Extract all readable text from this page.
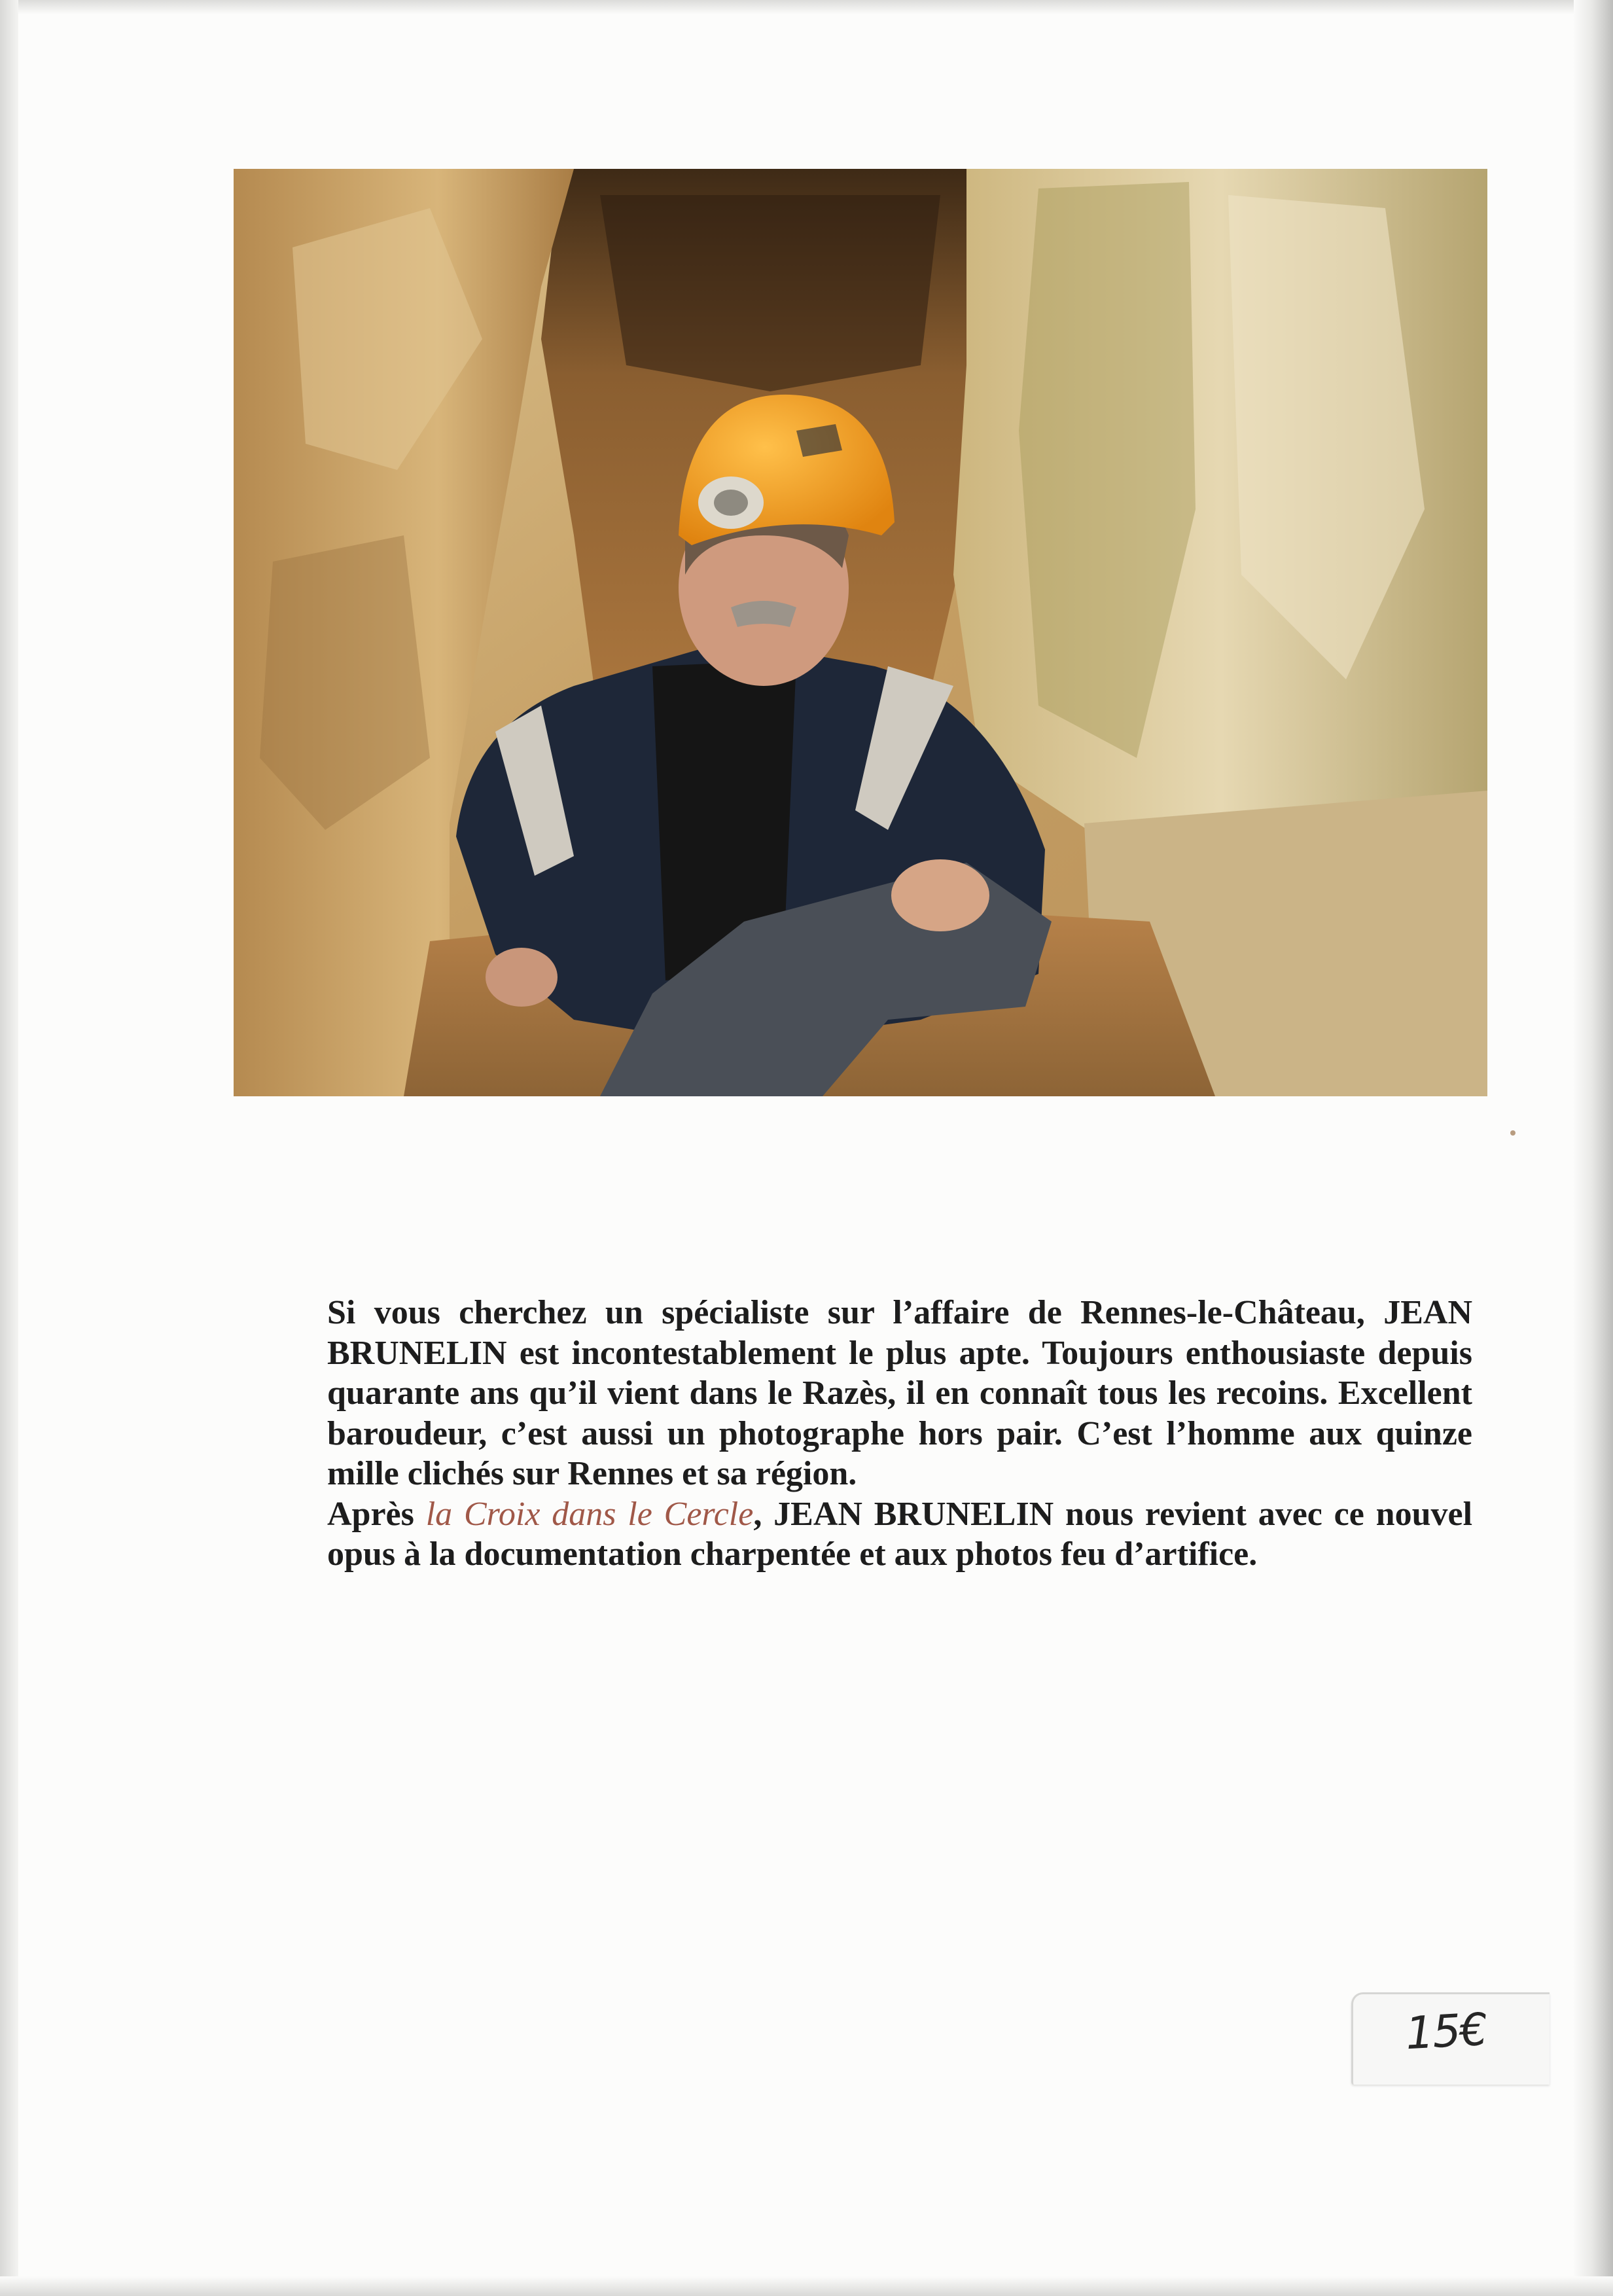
Si vous cherchez un spécialiste sur l’affaire de Rennes-le-Château, JEAN BRUNELIN est incontestablement le plus apte. Toujours enthousiaste depuis quarante ans qu’il vient dans le Razès, il en connaît tous les recoins. Excellent baroudeur, c’est aussi un photographe hors pair. C’est l’homme aux quinze mille clichés sur Rennes et sa région.

Après la Croix dans le Cercle, JEAN BRUNELIN nous revient avec ce nouvel opus à la documentation charpentée et aux photos feu d’artifice.

15€
